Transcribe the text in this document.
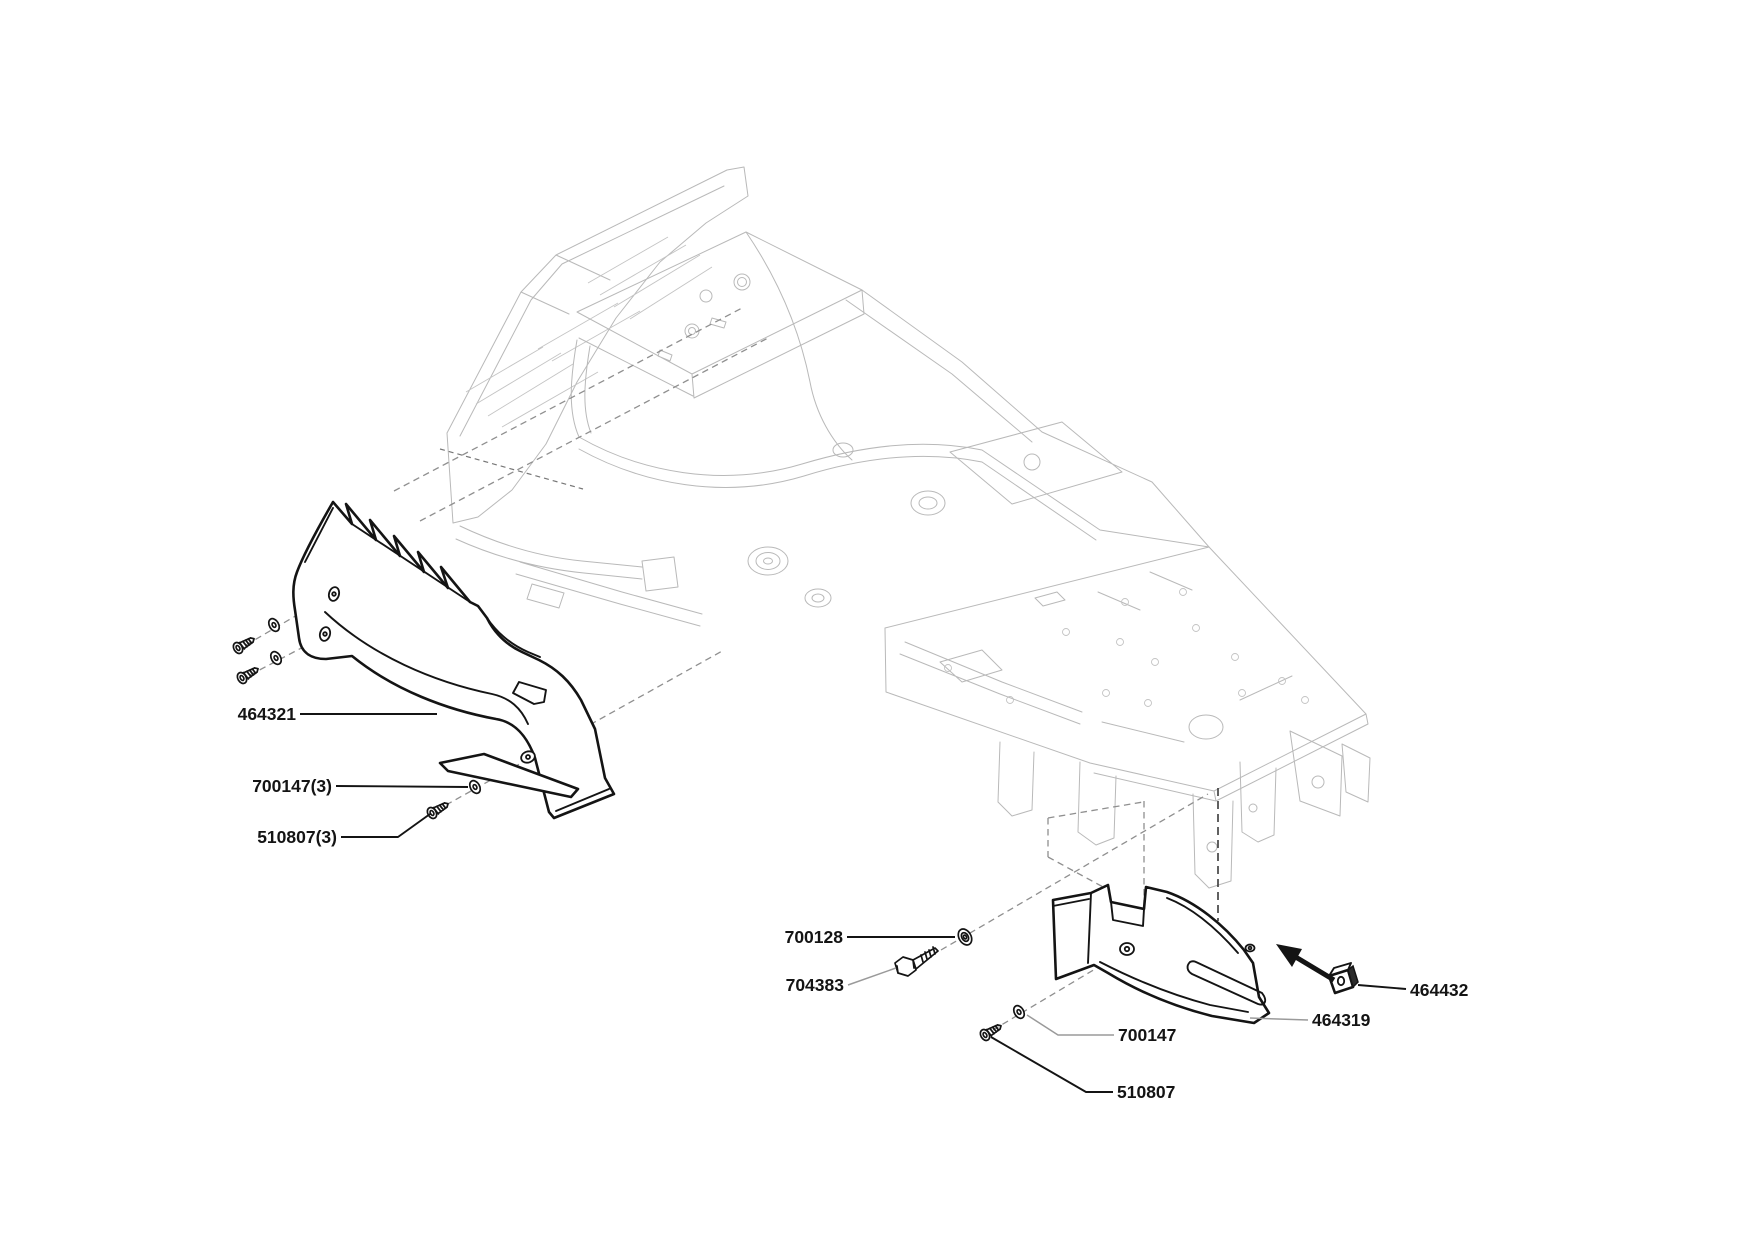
464321
700147(3)
510807(3)
700128
704383	464432
464319
700147
510807
